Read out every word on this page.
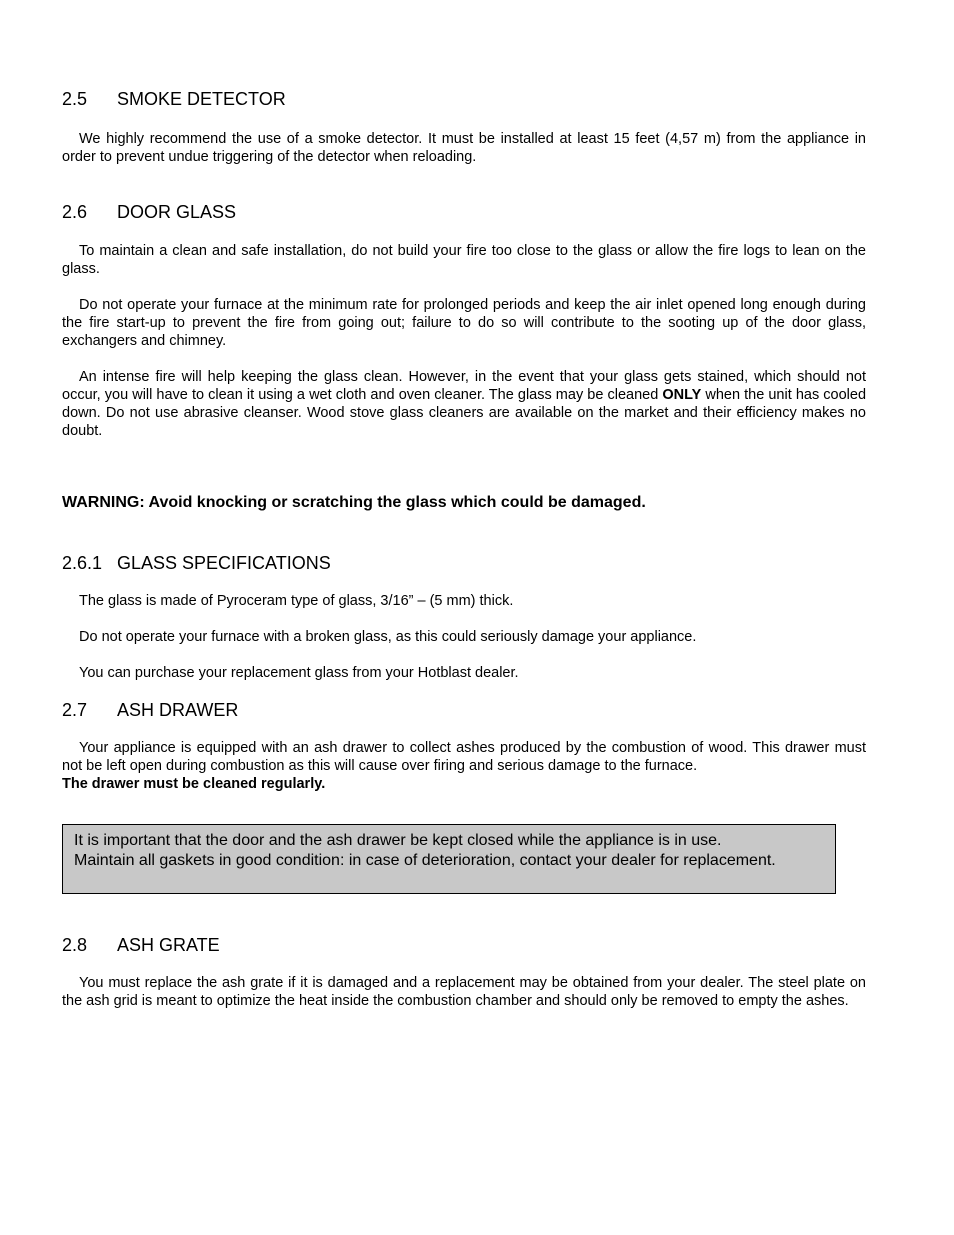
2.5 SMOKE DETECTOR
We highly recommend the use of a smoke detector. It must be installed at least 15 feet (4,57 m) from the appliance in order to prevent undue triggering of the detector when reloading.
2.6 DOOR GLASS
To maintain a clean and safe installation, do not build your fire too close to the glass or allow the fire logs to lean on the glass.
Do not operate your furnace at the minimum rate for prolonged periods and keep the air inlet opened long enough during the fire start-up to prevent the fire from going out; failure to do so will contribute to the sooting up of the door glass, exchangers and chimney.
An intense fire will help keeping the glass clean. However, in the event that your glass gets stained, which should not occur, you will have to clean it using a wet cloth and oven cleaner. The glass may be cleaned ONLY when the unit has cooled down. Do not use abrasive cleanser. Wood stove glass cleaners are available on the market and their efficiency makes no doubt.
WARNING: Avoid knocking or scratching the glass which could be damaged.
2.6.1 GLASS SPECIFICATIONS
The glass is made of Pyroceram type of glass, 3/16” – (5 mm) thick.
Do not operate your furnace with a broken glass, as this could seriously damage your appliance.
You can purchase your replacement glass from your Hotblast dealer.
2.7 ASH DRAWER
Your appliance is equipped with an ash drawer to collect ashes produced by the combustion of wood. This drawer must not be left open during combustion as this will cause over firing and serious damage to the furnace.
The drawer must be cleaned regularly.
It is important that the door and the ash drawer be kept closed while the appliance is in use.
Maintain all gaskets in good condition: in case of deterioration, contact your dealer for replacement.
2.8 ASH GRATE
You must replace the ash grate if it is damaged and a replacement may be obtained from your dealer. The steel plate on the ash grid is meant to optimize the heat inside the combustion chamber and should only be removed to empty the ashes.
